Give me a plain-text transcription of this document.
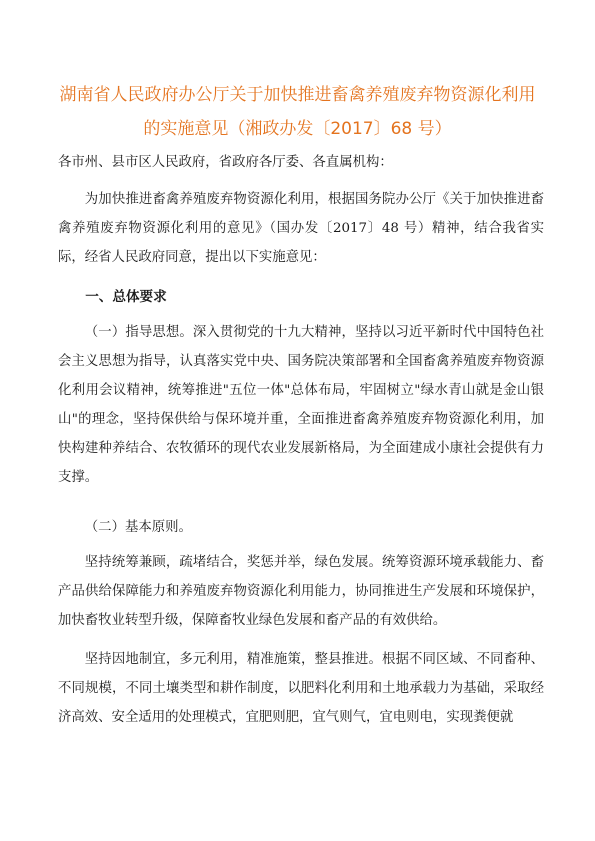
湖南省人民政府办公厅关于加快推进畜禽养殖废弃物资源化利用的实施意见（湘政办发〔2017〕68 号）

各市州、县市区人民政府，省政府各厅委、各直属机构：

为加快推进畜禽养殖废弃物资源化利用，根据国务院办公厅《关于加快推进畜禽养殖废弃物资源化利用的意见》（国办发〔2017〕48 号）精神，结合我省实际，经省人民政府同意，提出以下实施意见：

一、总体要求

（一）指导思想。深入贯彻党的十九大精神，坚持以习近平新时代中国特色社会主义思想为指导，认真落实党中央、国务院决策部署和全国畜禽养殖废弃物资源化利用会议精神，统筹推进"五位一体"总体布局，牢固树立"绿水青山就是金山银山"的理念，坚持保供给与保环境并重，全面推进畜禽养殖废弃物资源化利用，加快构建种养结合、农牧循环的现代农业发展新格局，为全面建成小康社会提供有力支撑。

（二）基本原则。

坚持统筹兼顾，疏堵结合，奖惩并举，绿色发展。统筹资源环境承载能力、畜产品供给保障能力和养殖废弃物资源化利用能力，协同推进生产发展和环境保护，加快畜牧业转型升级，保障畜牧业绿色发展和畜产品的有效供给。

坚持因地制宜，多元利用，精准施策，整县推进。根据不同区域、不同畜种、不同规模，不同土壤类型和耕作制度，以肥料化利用和土地承载力为基础，采取经济高效、安全适用的处理模式，宜肥则肥，宜气则气，宜电则电，实现粪便就
